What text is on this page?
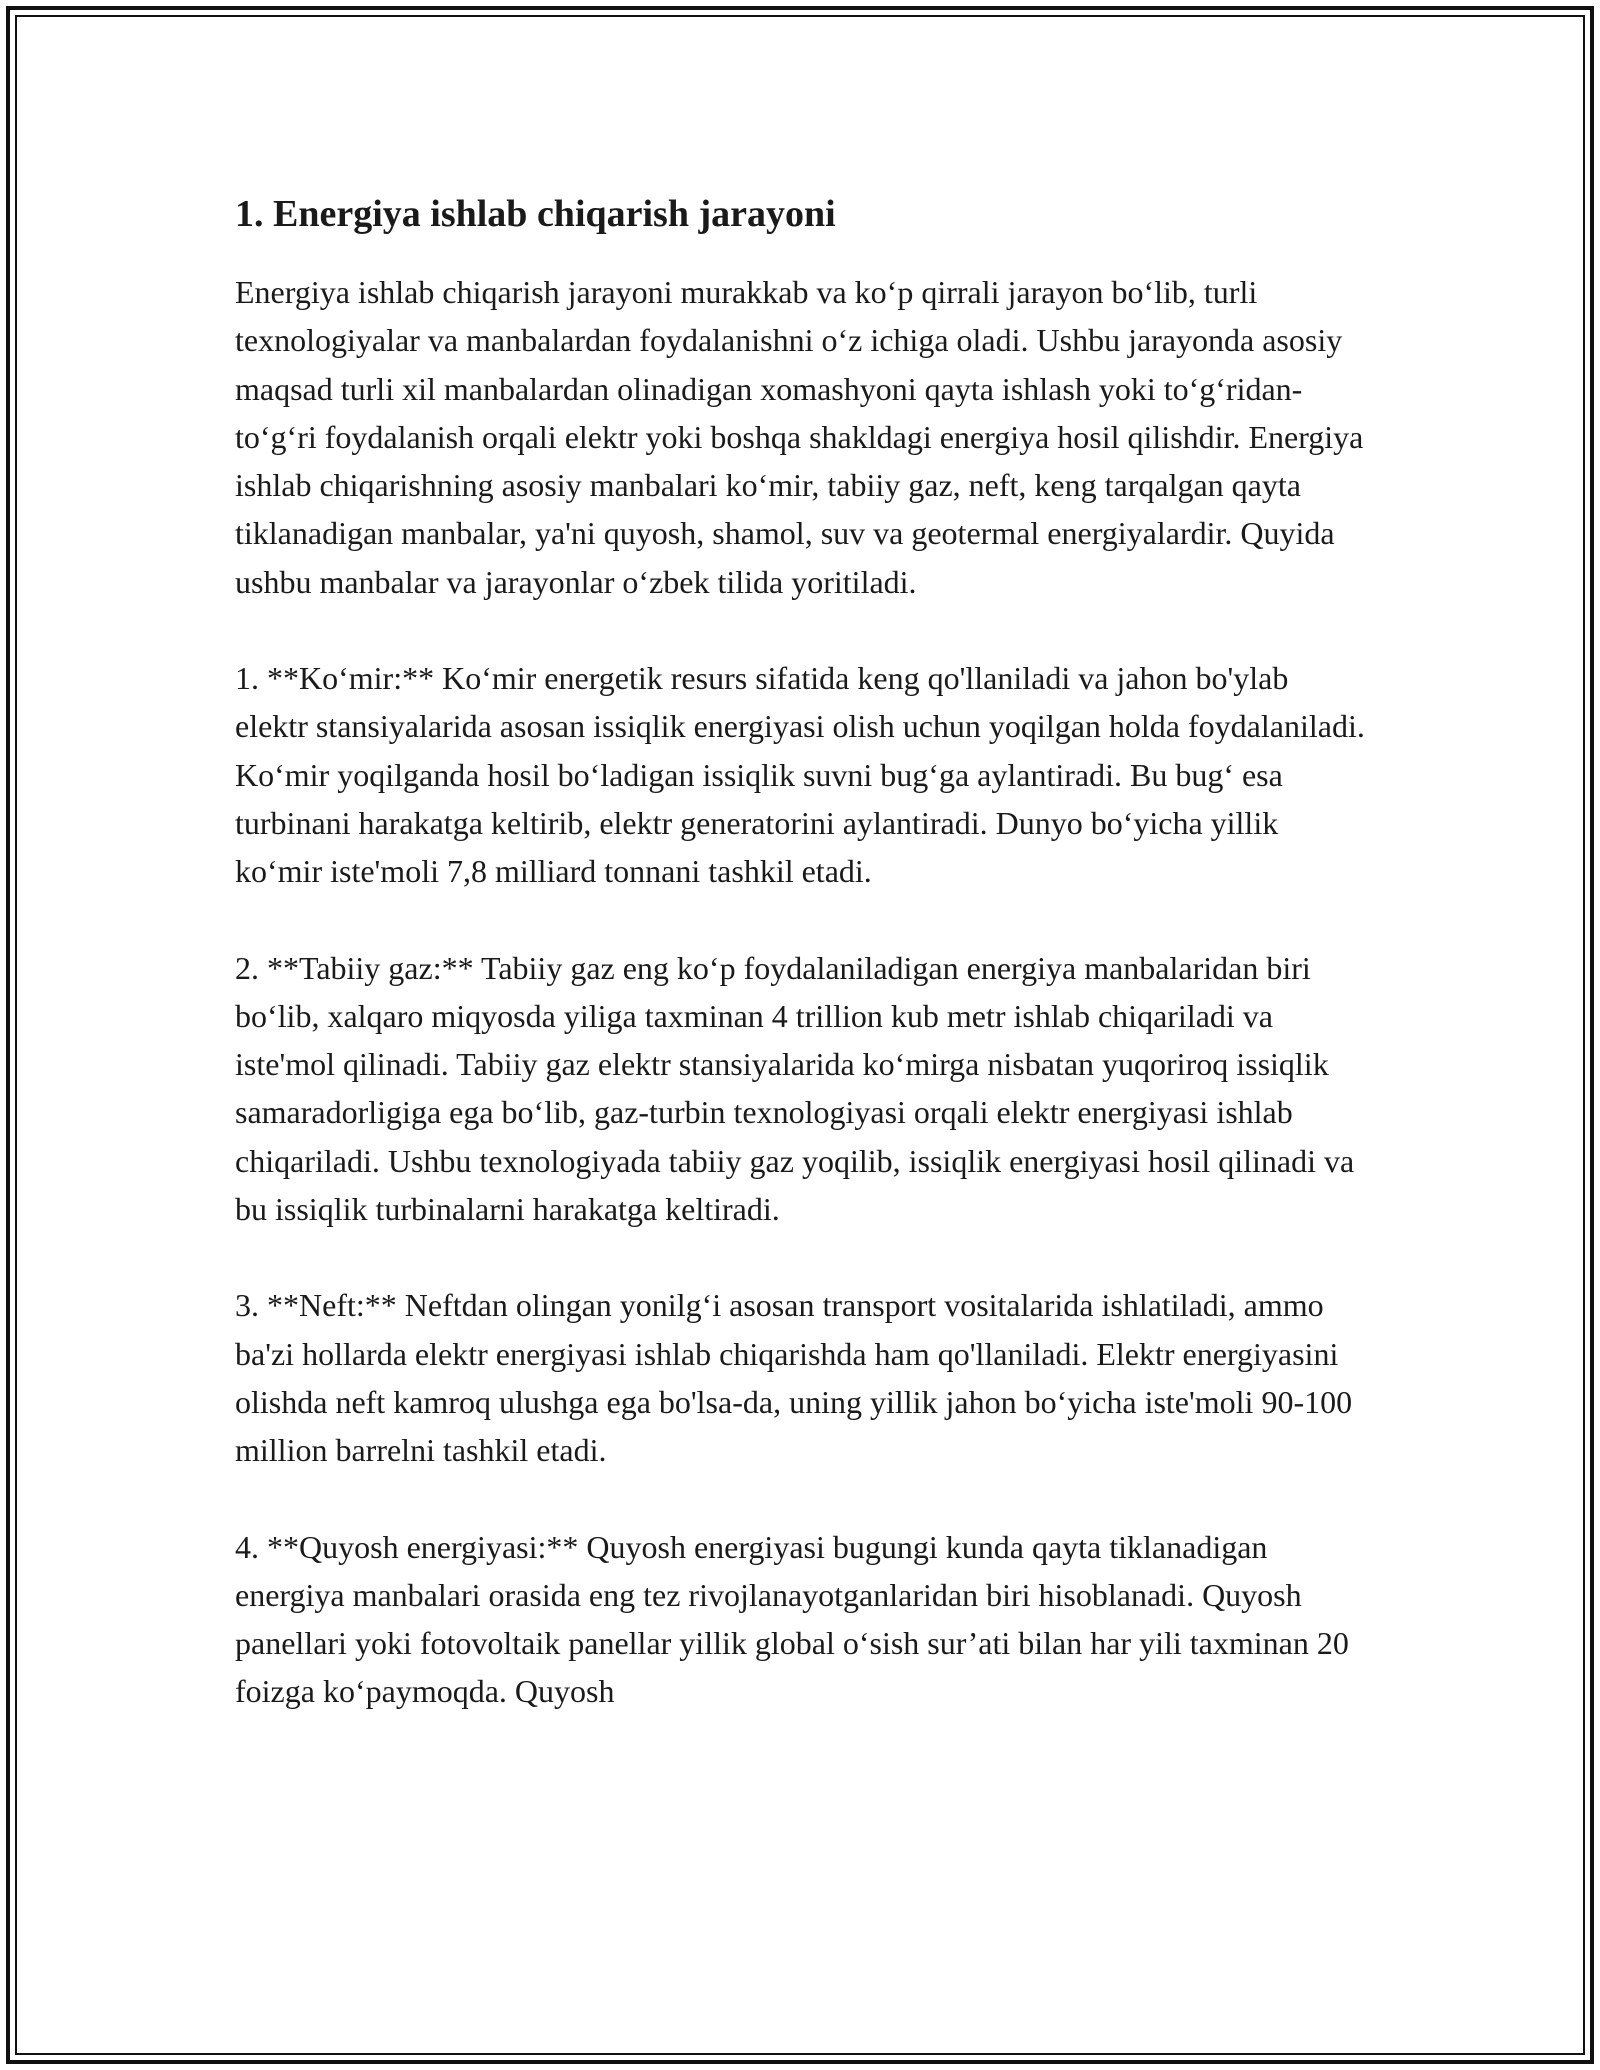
1. Energiya ishlab chiqarish jarayoni

Energiya ishlab chiqarish jarayoni murakkab va ko‘p qirrali jarayon bo‘lib, turli texnologiyalar va manbalardan foydalanishni o‘z ichiga oladi. Ushbu jarayonda asosiy maqsad turli xil manbalardan olinadigan xomashyoni qayta ishlash yoki to‘g‘ridan-to‘g‘ri foydalanish orqali elektr yoki boshqa shakldagi energiya hosil qilishdir. Energiya ishlab chiqarishning asosiy manbalari ko‘mir, tabiiy gaz, neft, keng tarqalgan qayta tiklanadigan manbalar, ya'ni quyosh, shamol, suv va geotermal energiyalardir. Quyida ushbu manbalar va jarayonlar o‘zbek tilida yoritiladi.

1. **Ko‘mir:** Ko‘mir energetik resurs sifatida keng qo'llaniladi va jahon bo'ylab elektr stansiyalarida asosan issiqlik energiyasi olish uchun yoqilgan holda foydalaniladi. Ko‘mir yoqilganda hosil bo‘ladigan issiqlik suvni bug‘ga aylantiradi. Bu bug‘ esa turbinani harakatga keltirib, elektr generatorini aylantiradi. Dunyo bo‘yicha yillik ko‘mir iste'moli 7,8 milliard tonnani tashkil etadi.

2. **Tabiiy gaz:** Tabiiy gaz eng ko‘p foydalaniladigan energiya manbalaridan biri bo‘lib, xalqaro miqyosda yiliga taxminan 4 trillion kub metr ishlab chiqariladi va iste'mol qilinadi. Tabiiy gaz elektr stansiyalarida ko‘mirga nisbatan yuqoriroq issiqlik samaradorligiga ega bo‘lib, gaz-turbin texnologiyasi orqali elektr energiyasi ishlab chiqariladi. Ushbu texnologiyada tabiiy gaz yoqilib, issiqlik energiyasi hosil qilinadi va bu issiqlik turbinalarni harakatga keltiradi.

3. **Neft:** Neftdan olingan yonilg‘i asosan transport vositalarida ishlatiladi, ammo ba'zi hollarda elektr energiyasi ishlab chiqarishda ham qo'llaniladi. Elektr energiyasini olishda neft kamroq ulushga ega bo'lsa-da, uning yillik jahon bo‘yicha iste'moli 90-100 million barrelni tashkil etadi.

4. **Quyosh energiyasi:** Quyosh energiyasi bugungi kunda qayta tiklanadigan energiya manbalari orasida eng tez rivojlanayotganlaridan biri hisoblanadi. Quyosh panellari yoki fotovoltaik panellar yillik global o‘sish sur’ati bilan har yili taxminan 20 foizga ko‘paymoqda. Quyosh
